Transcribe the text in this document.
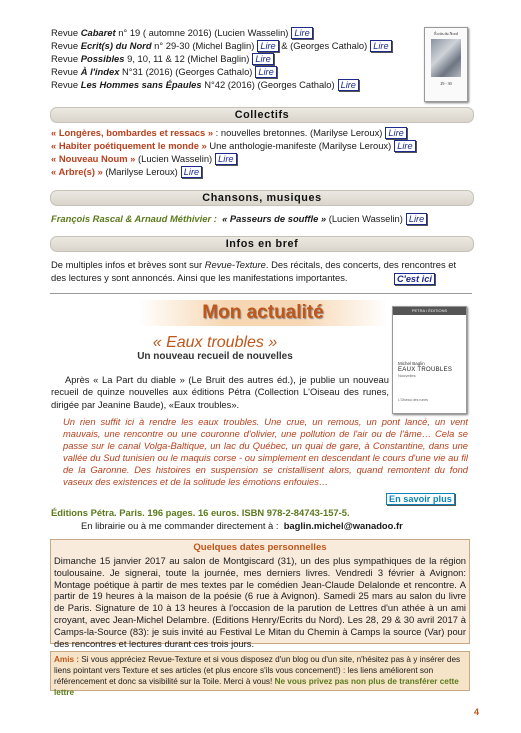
Revue Cabaret n° 19 ( automne 2016) (Lucien Wasselin) Lire
Revue Ecrit(s) du Nord n° 29-30 (Michel Baglin) Lire & (Georges Cathalo) Lire
Revue Possibles 9, 10, 11 & 12 (Michel Baglin) Lire
Revue À l'index N°31 (2016) (Georges Cathalo) Lire
Revue Les Hommes sans Épaules N°42 (2016) (Georges Cathalo) Lire
Écrits du Nord
29 - 30
Collectifs
« Longères, bombardes et ressacs » : nouvelles bretonnes. (Marilyse Leroux) Lire
« Habiter poétiquement le monde » Une anthologie-manifeste (Marilyse Leroux) Lire
« Nouveau Noum » (Lucien Wasselin) Lire
« Arbre(s) » (Marilyse Leroux) Lire
Chansons, musiques
François Rascal & Arnaud Méthivier : « Passeurs de souffle » (Lucien Wasselin) Lire
Infos en bref
De multiples infos et brèves sont sur Revue-Texture. Des récitals, des concerts, des rencontres et des lectures y sont annoncés. Ainsi que les manifestations importantes.	C'est ici
Mon actualité
« Eaux troubles »
Un nouveau recueil de nouvelles
PETRA / ÉDITIONS
Michel Baglin
EAUX TROUBLES
Nouvelles
L'Oiseau des runes
Après « La Part du diable » (Le Bruit des autres éd.), je publie un nouveau recueil de quinze nouvelles aux éditions Pétra (Collection L'Oiseau des runes, dirigée par Jeanine Baude), «Eaux troubles».
Un rien suffit ici à rendre les eaux troubles. Une crue, un remous, un pont lancé, un vent mauvais, une rencontre ou une couronne d'olivier, une pollution de l'air ou de l'âme… Cela se passe sur le canal Volga-Baltique, un lac du Québec, un quai de gare, à Constantine, dans une vallée du Sud tunisien ou le maquis corse - ou simplement en descendant le cours d'une vie au fil de la Garonne. Des histoires en suspension se cristallisent alors, quand remontent du fond vaseux des existences et de la solitude les émotions enfouies…
En savoir plus
Éditions Pétra. Paris. 196 pages. 16 euros. ISBN 978-2-84743-157-5.
En librairie ou à me commander directement à : baglin.michel@wanadoo.fr
Quelques dates personnelles
Dimanche 15 janvier 2017 au salon de Montgiscard (31), un des plus sympathiques de la région toulousaine. Je signerai, toute la journée, mes derniers livres. Vendredi 3 février à Avignon: Montage poétique à partir de mes textes par le comédien Jean-Claude Delalonde et rencontre. A partir de 19 heures à la maison de la poésie (6 rue à Avignon). Samedi 25 mars au salon du livre de Paris. Signature de 10 à 13 heures à l'occasion de la parution de Lettres d'un athée à un ami croyant, avec Jean-Michel Delambre. (Editions Henry/Ecrits du Nord). Les 28, 29 & 30 avril 2017 à Camps-la-Source (83): je suis invité au Festival Le Mitan du Chemin à Camps la source (Var) pour des rencontres et lectures durant ces trois jours.
Amis : Si vous appréciez Revue-Texture et si vous disposez d'un blog ou d'un site, n'hésitez pas à y insérer des liens pointant vers Texture et ses articles (et plus encore s'ils vous concernent!) : les liens améliorent son référencement et donc sa visibilité sur la Toile. Merci à vous! Ne vous privez pas non plus de transférer cette lettre
4
